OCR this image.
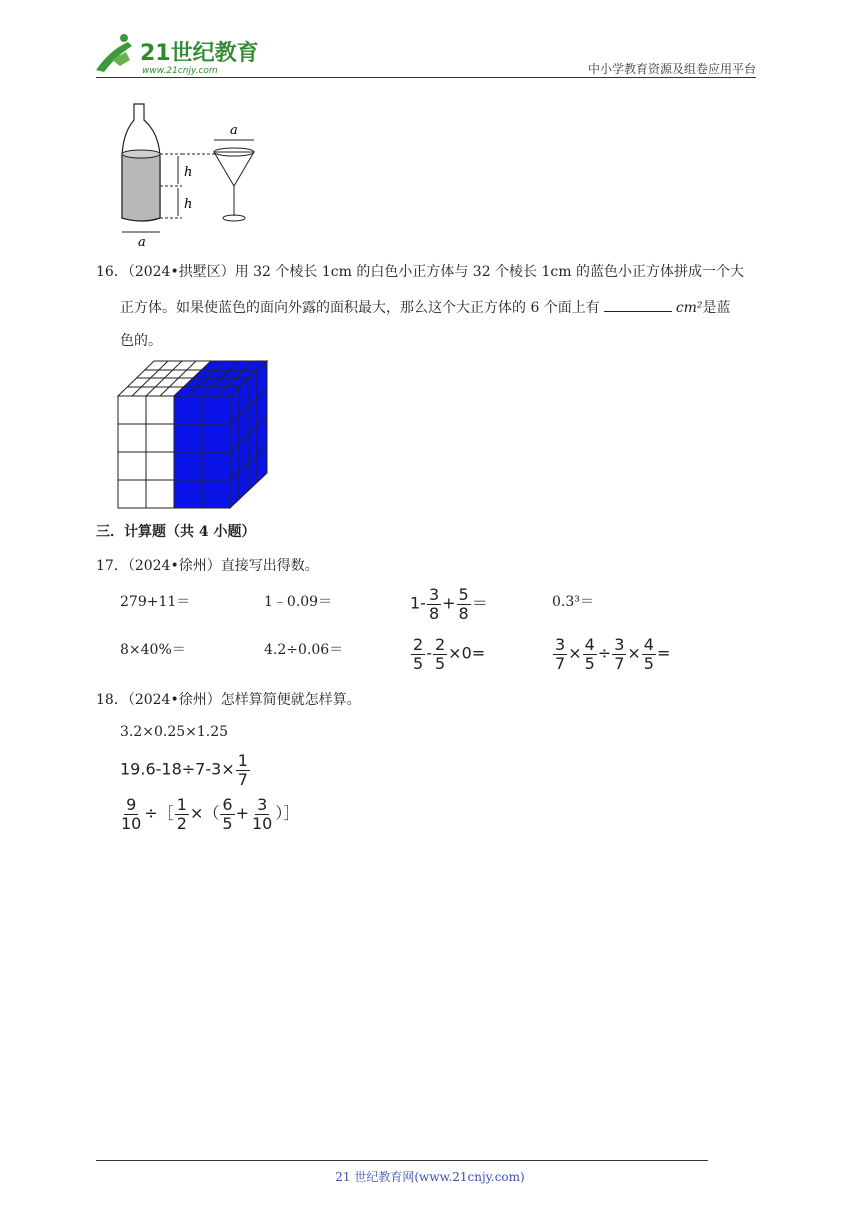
21世纪教育
www.21cnjy.com	中小学教育资源及组卷应用平台
h
h
a
a
16．（2024•拱墅区）用 32 个棱长 1cm 的白色小正方体与 32 个棱长 1cm 的蓝色小正方体拼成一个大
正方体。如果使蓝色的面向外露的面积最大，那么这个大正方体的 6 个面上有	cm²是蓝
色的。
三．计算题（共 4 小题）
17．（2024•徐州）直接写出得数。
279+11＝	1﹣0.09＝	$1- \frac{3}{8} + \frac{5}{8}$ ＝	0.3³＝
8×40%＝	4.2÷0.06＝	$\frac{2}{5} - \frac{2}{5} \times 0=$	$\frac{3}{7} \times \frac{4}{5} \div \frac{3}{7} \times \frac{4}{5}$ =
18．（2024•徐州）怎样算简便就怎样算。
3.2×0.25×1.25
$19.6-18\div 7-3\times \frac{1}{7}$
$\frac{9}{10}$ ÷［ $\frac{1}{2}$ ×（ $\frac{6}{5} + \frac{3}{10}$ ）］
21 世纪教育网(www.21cnjy.com)
